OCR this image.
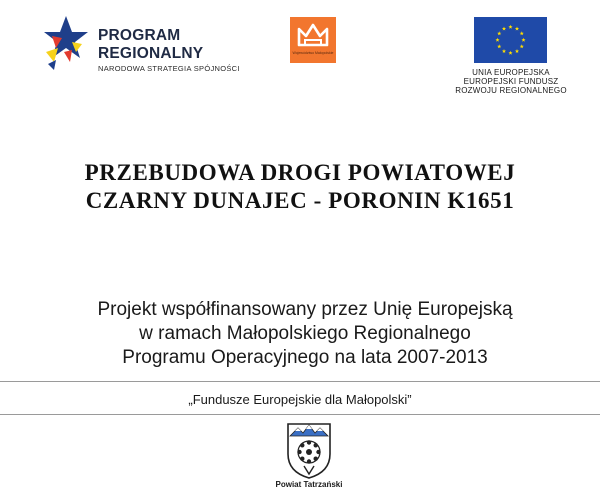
PROGRAM
REGIONALNY
NARODOWA STRATEGIA SPÓJNOŚCI
Województwo Małopolskie
UNIA EUROPEJSKA
EUROPEJSKI FUNDUSZ
ROZWOJU REGIONALNEGO
PRZEBUDOWA DROGI POWIATOWEJ
CZARNY DUNAJEC - PORONIN K1651
Projekt współfinansowany przez Unię Europejską
w ramach Małopolskiego Regionalnego
Programu Operacyjnego na lata 2007-2013
„Fundusze Europejskie dla Małopolski”
Powiat Tatrzański
